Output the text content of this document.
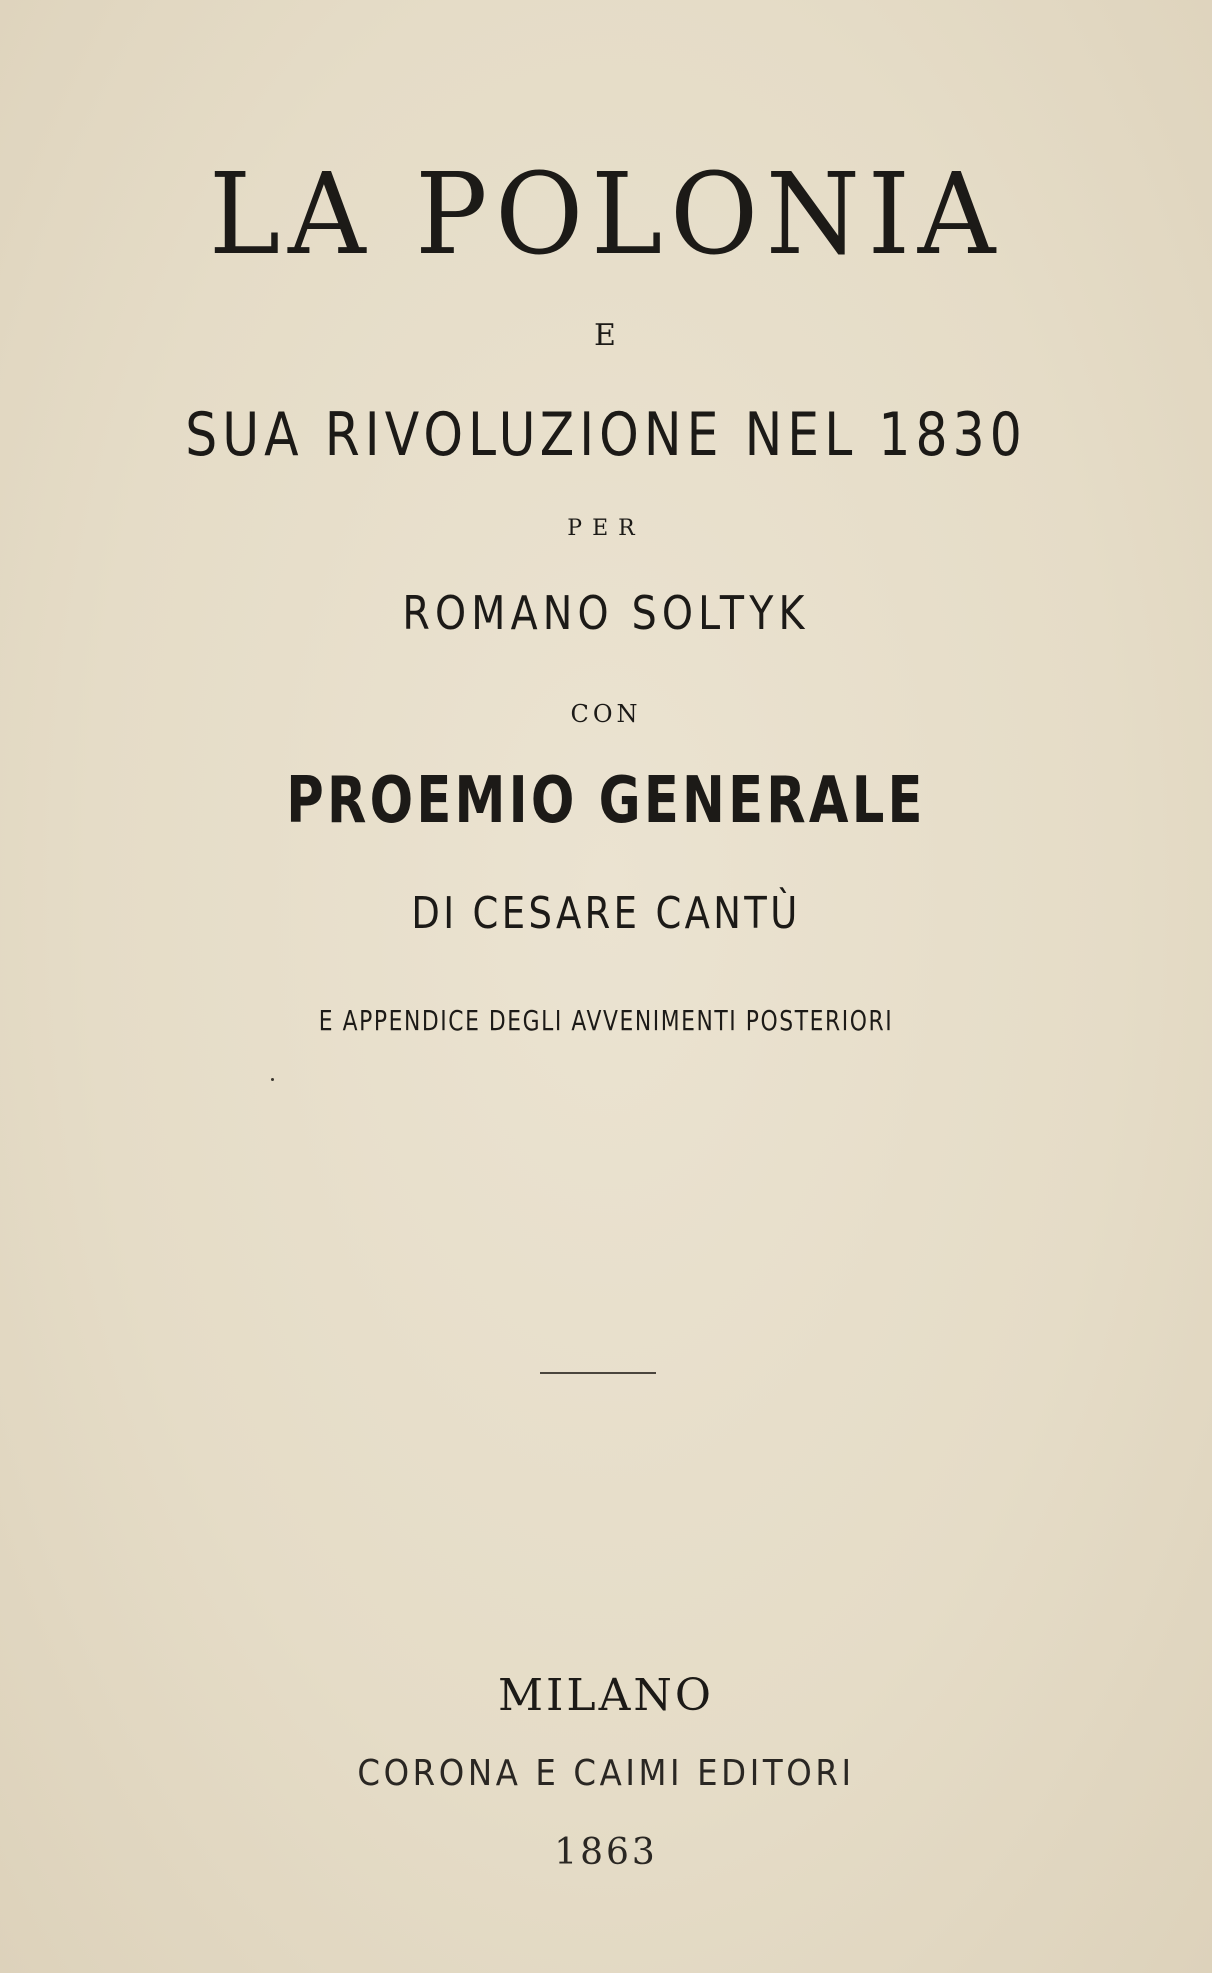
LA POLONIA
E
SUA RIVOLUZIONE NEL 1830
PER
ROMANO SOLTYK
CON
PROEMIO GENERALE
DI CESARE CANTÙ
E APPENDICE DEGLI AVVENIMENTI POSTERIORI
MILANO
CORONA E CAIMI EDITORI
1863
